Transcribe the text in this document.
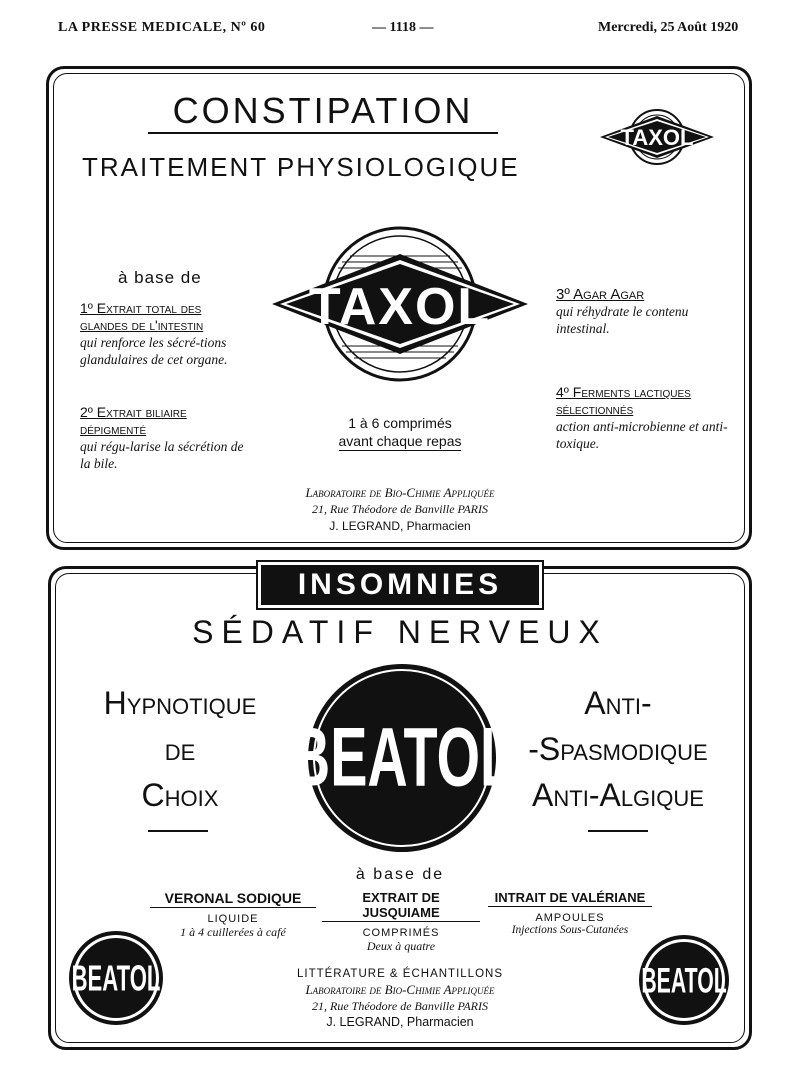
LA PRESSE MEDICALE, Nº 60	— 1118 —	Mercredi, 25 Août 1920
CONSTIPATION
TRAITEMENT PHYSIOLOGIQUE
TAXOL
TAXOL
à base de
1º Extrait total des glandes de l'intestin
qui renforce les sécré-tions glandulaires de cet organe.
2º Extrait biliaire dépigmenté
qui régu-larise la sécrétion de la bile.
3º Agar Agar
qui réhydrate le contenu intestinal.
4º Ferments lactiques sélectionnés
action anti-microbienne et anti-toxique.
1 à 6 comprimés
avant chaque repas
Laboratoire de Bio-Chimie Appliquée
21, Rue Théodore de Banville PARIS
J. LEGRAND, Pharmacien
INSOMNIES
SÉDATIF NERVEUX
Hypnotique
de
Choix
Anti-
-Spasmodique
Anti-Algique
BEATOL
à base de
VERONAL SODIQUE
LIQUIDE
1 à 4 cuillerées à café
EXTRAIT DE JUSQUIAME
COMPRIMÉS
Deux à quatre
INTRAIT DE VALÉRIANE
AMPOULES
Injections Sous-Cutanées
BEATOL	BEATOL
LITTÉRATURE & ÉCHANTILLONS
Laboratoire de Bio-Chimie Appliquée
21, Rue Théodore de Banville PARIS
J. LEGRAND, Pharmacien
